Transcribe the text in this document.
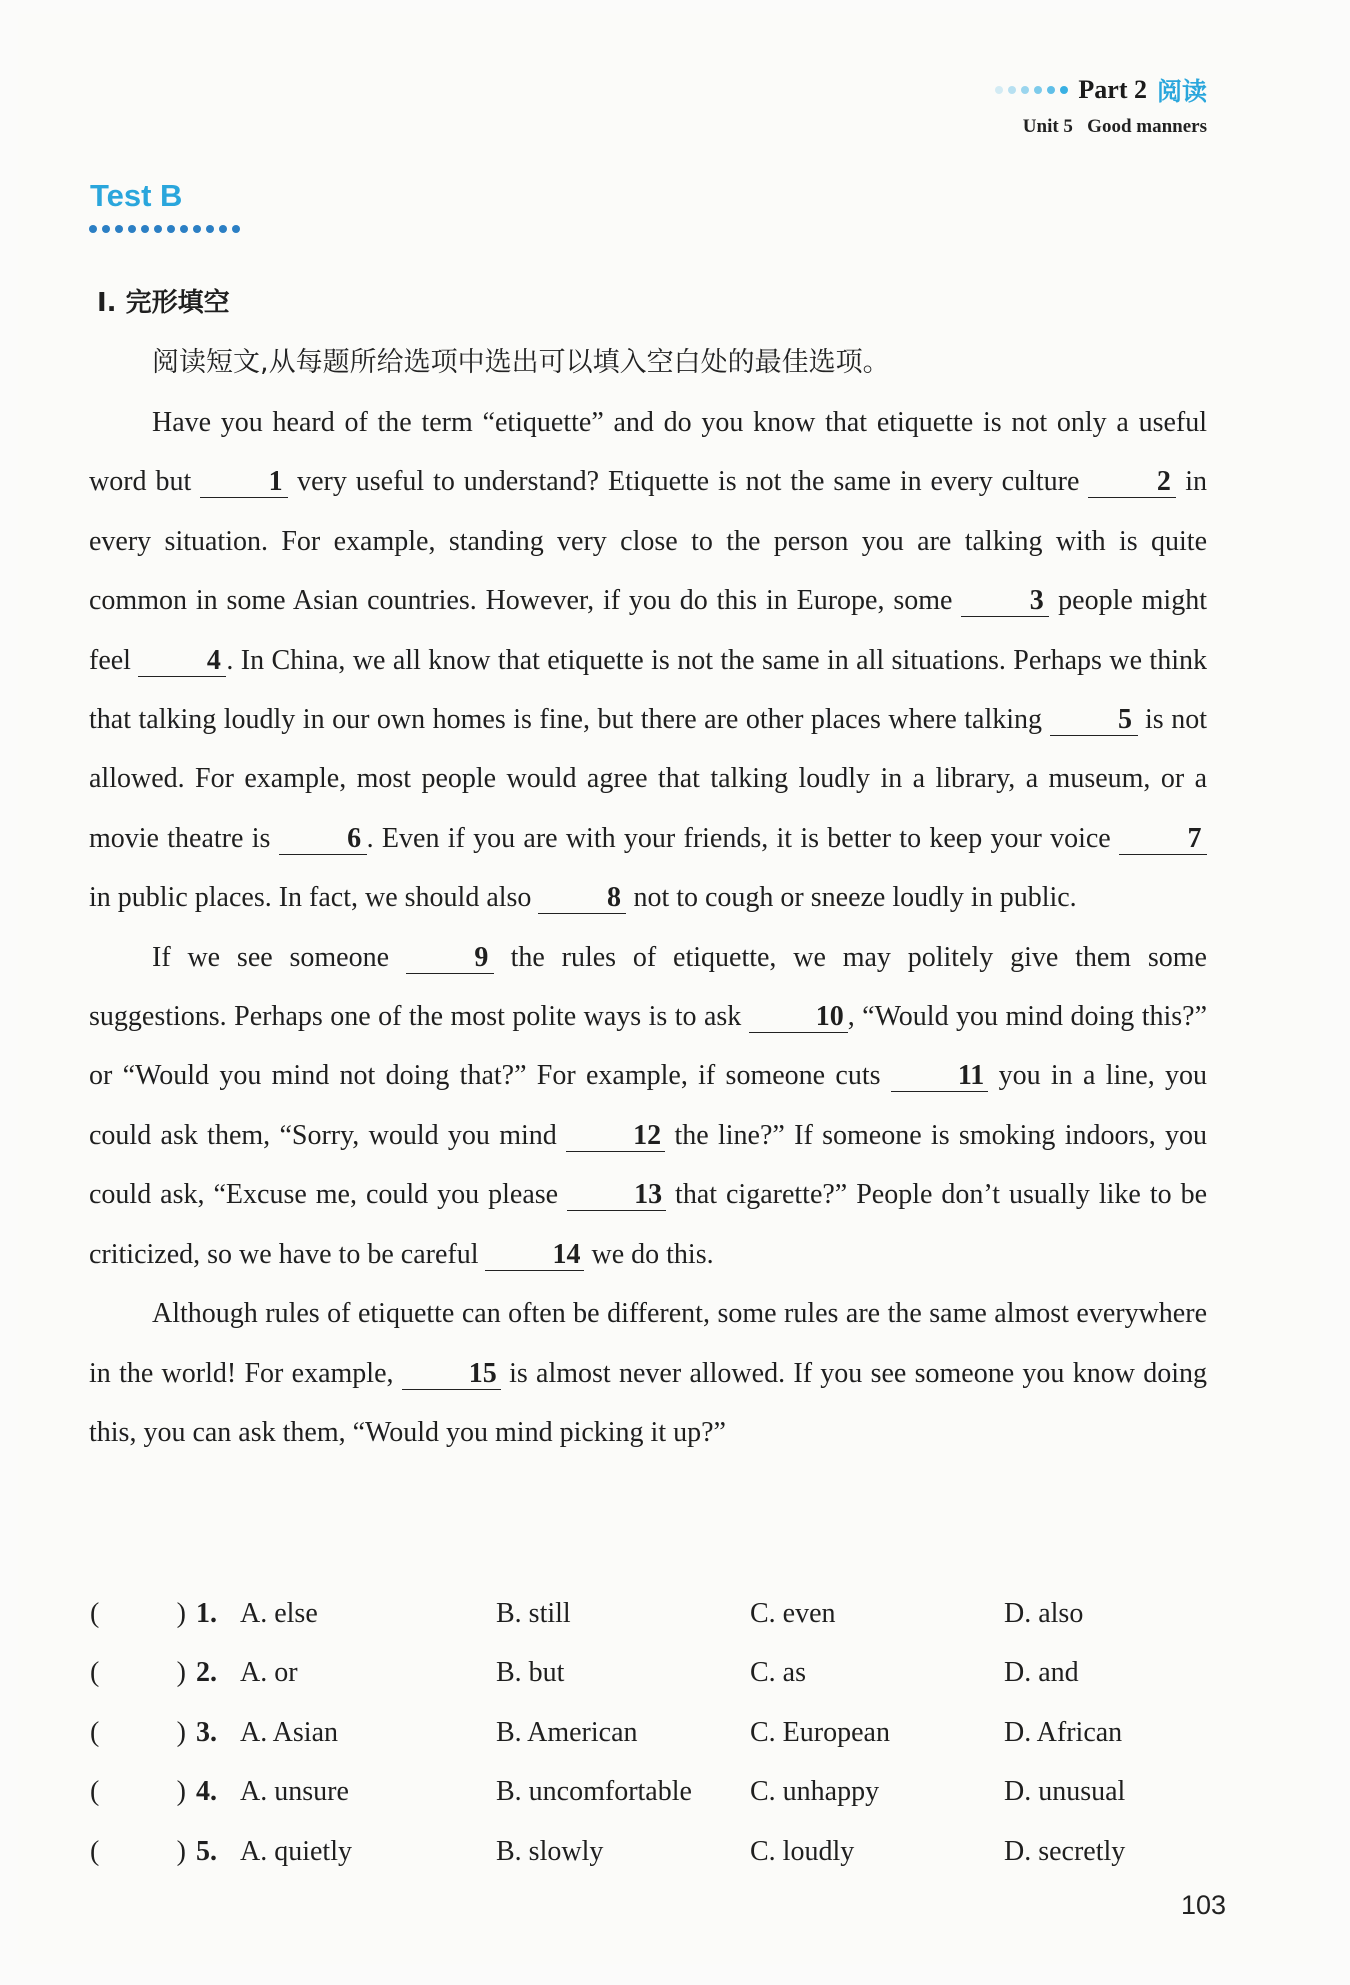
Part 2 阅读
Unit 5   Good manners
Test B
Ⅰ. 完形填空
阅读短文,从每题所给选项中选出可以填入空白处的最佳选项。

Have you heard of the term “etiquette” and do you know that etiquette is not only a useful word but 1 very useful to understand? Etiquette is not the same in every culture 2 in every situation. For example, standing very close to the person you are talking with is quite common in some Asian countries. However, if you do this in Europe, some 3 people might feel 4 . In China, we all know that etiquette is not the same in all situations. Perhaps we think that talking loudly in our own homes is fine, but there are other places where talking 5 is not allowed. For example, most people would agree that talking loudly in a library, a museum, or a movie theatre is 6 . Even if you are with your friends, it is better to keep your voice 7 in public places. In fact, we should also 8 not to cough or sneeze loudly in public.

If we see someone 9 the rules of etiquette, we may politely give them some suggestions. Perhaps one of the most polite ways is to ask 10 , “Would you mind doing this?” or “Would you mind not doing that?” For example, if someone cuts 11 you in a line, you could ask them, “Sorry, would you mind 12 the line?” If someone is smoking indoors, you could ask, “Excuse me, could you please 13 that cigarette?” People don’t usually like to be criticized, so we have to be careful 14 we do this.

Although rules of etiquette can often be different, some rules are the same almost everywhere in the world! For example, 15 is almost never allowed. If you see someone you know doing this, you can ask them, “Would you mind picking it up?”

(	) 1. A. else	B. still	C. even	D. also
(	) 2. A. or	B. but	C. as	D. and
(	) 3. A. Asian	B. American	C. European	D. African
(	) 4. A. unsure	B. uncomfortable	C. unhappy	D. unusual
(	) 5. A. quietly	B. slowly	C. loudly	D. secretly
103
